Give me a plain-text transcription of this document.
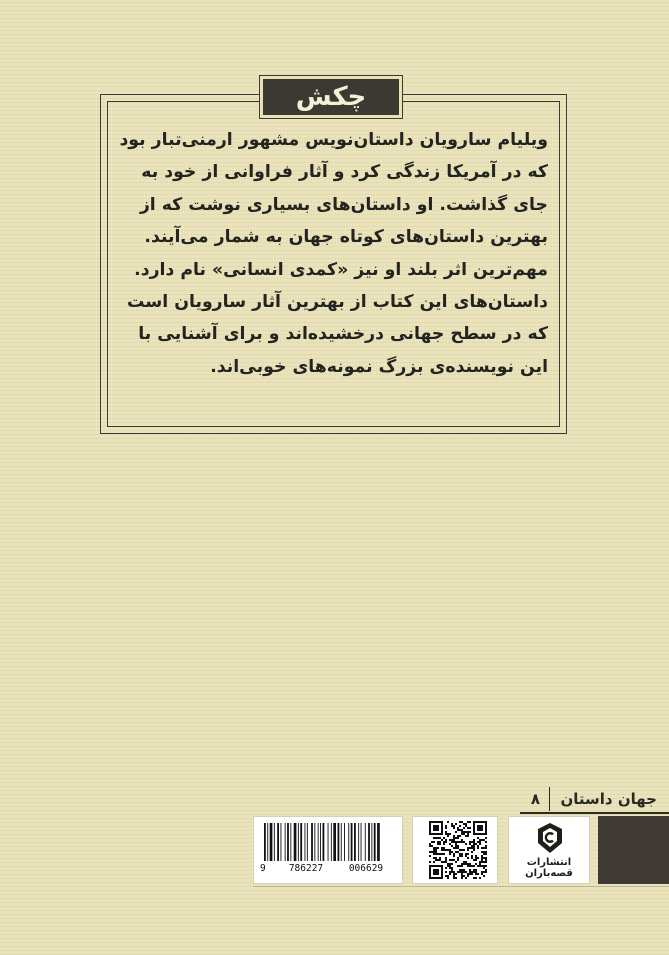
چکش
ویلیام سارویان داستان‌نویس مشهور ارمنی‌تبار بود
که در آمریکا زندگی کرد و آثار فراوانی از خود به
جای گذاشت. او داستان‌های بسیاری نوشت که از
بهترین داستان‌های کوتاه جهان به شمار می‌آیند.
مهم‌ترین اثر بلند او نیز «کمدی انسانی» نام دارد.
داستان‌های این کتاب از بهترین آثار سارویان است
که در سطح جهانی درخشیده‌اند و برای آشنایی با
این نویسنده‌ی بزرگ نمونه‌های خوبی‌اند.
جهان داستان
۸
9	786227	006629
انتشارات
قصه‌باران
